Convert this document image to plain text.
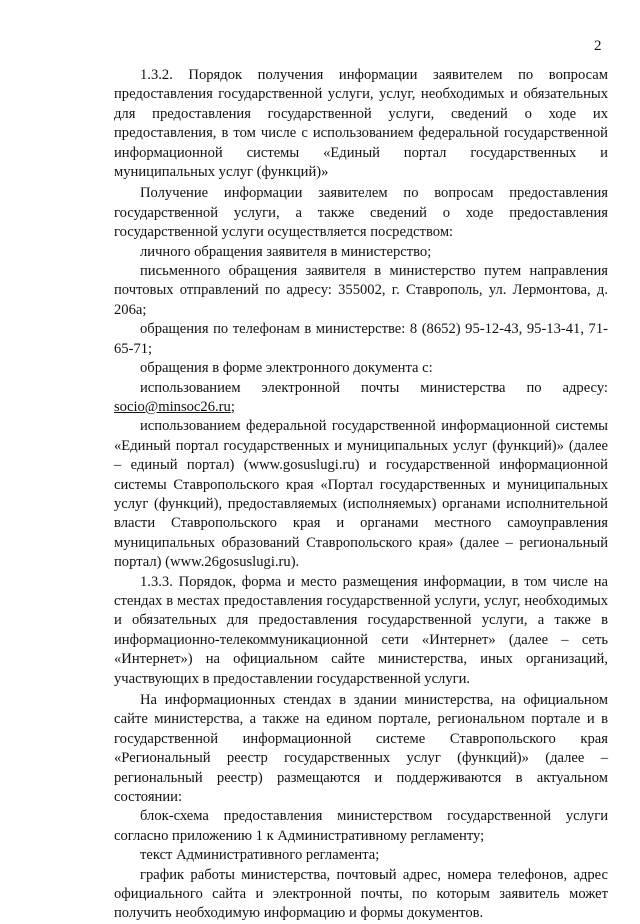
2

1.3.2. Порядок получения информации заявителем по вопросам предоставления государственной услуги, услуг, необходимых и обязательных для предоставления государственной услуги, сведений о ходе их предоставления, в том числе с использованием федеральной государственной информационной системы «Единый портал государственных и муниципальных услуг (функций)»

Получение информации заявителем по вопросам предоставления государственной услуги, а также сведений о ходе предоставления государственной услуги осуществляется посредством:

личного обращения заявителя в министерство;

письменного обращения заявителя в министерство путем направления почтовых отправлений по адресу: 355002, г. Ставрополь, ул. Лермонтова, д. 206а;

обращения по телефонам в министерстве: 8 (8652) 95-12-43, 95-13-41, 71-65-71;

обращения в форме электронного документа с:

использованием электронной почты министерства по адресу:

socio@minsoc26.ru;

использованием федеральной государственной информационной системы «Единый портал государственных и муниципальных услуг (функций)» (далее – единый портал) (www.gosuslugi.ru) и государственной информационной системы Ставропольского края «Портал государственных и муниципальных услуг (функций), предоставляемых (исполняемых) органами исполнительной власти Ставропольского края и органами местного самоуправления муниципальных образований Ставропольского края» (далее – региональный портал) (www.26gosuslugi.ru).

1.3.3. Порядок, форма и место размещения информации, в том числе на стендах в местах предоставления государственной услуги, услуг, необходимых и обязательных для предоставления государственной услуги, а также в информационно-телекоммуникационной сети «Интернет» (далее – сеть «Интернет») на официальном сайте министерства, иных организаций, участвующих в предоставлении государственной услуги.

На информационных стендах в здании министерства, на официальном сайте министерства, а также на едином портале, региональном портале и в государственной информационной системе Ставропольского края «Региональный реестр государственных услуг (функций)» (далее – региональный реестр) размещаются и поддерживаются в актуальном состоянии:

блок-схема предоставления министерством государственной услуги согласно приложению 1 к Административному регламенту;

текст Административного регламента;

график работы министерства, почтовый адрес, номера телефонов, адрес официального сайта и электронной почты, по которым заявитель может получить необходимую информацию и формы документов.
